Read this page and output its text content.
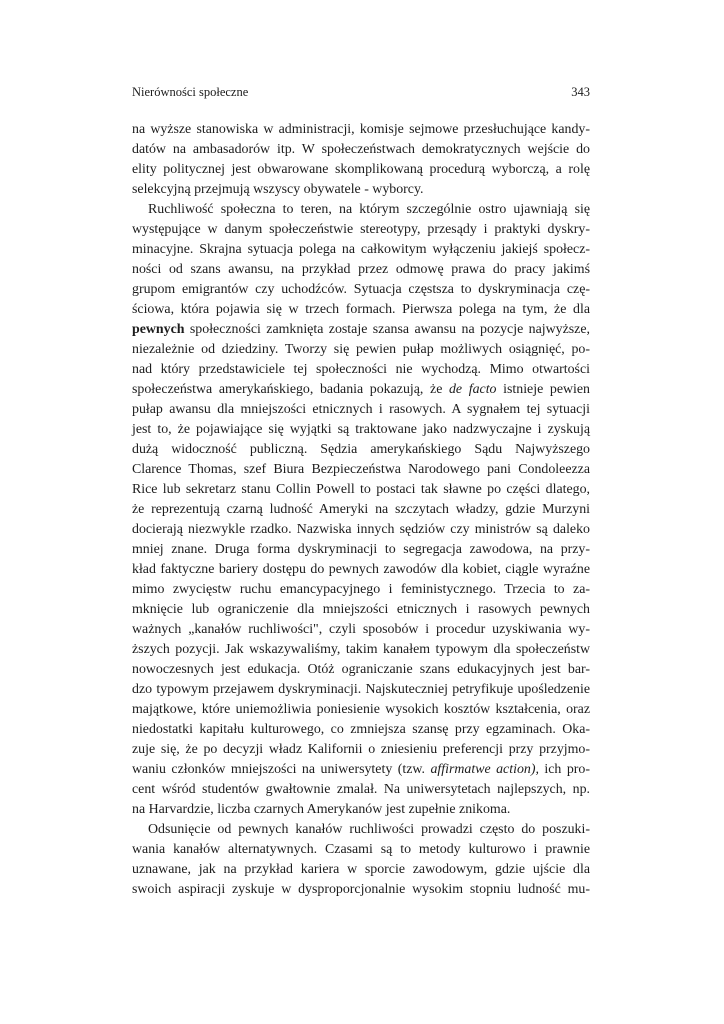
Nierówności społeczne	343
na wyższe stanowiska w administracji, komisje sejmowe przesłuchujące kandy-
datów na ambasadorów itp. W społeczeństwach demokratycznych wejście do
elity politycznej jest obwarowane skomplikowaną procedurą wyborczą, a rolę
selekcyjną przejmują wszyscy obywatele - wyborcy.
Ruchliwość społeczna to teren, na którym szczególnie ostro ujawniają się
występujące w danym społeczeństwie stereotypy, przesądy i praktyki dyskry-
minacyjne. Skrajna sytuacja polega na całkowitym wyłączeniu jakiejś społecz-
ności od szans awansu, na przykład przez odmowę prawa do pracy jakimś
grupom emigrantów czy uchodźców. Sytuacja częstsza to dyskryminacja czę-
ściowa, która pojawia się w trzech formach. Pierwsza polega na tym, że dla
pewnych społeczności zamknięta zostaje szansa awansu na pozycje najwyższe,
niezależnie od dziedziny. Tworzy się pewien pułap możliwych osiągnięć, po-
nad który przedstawiciele tej społeczności nie wychodzą. Mimo otwartości
społeczeństwa amerykańskiego, badania pokazują, że de facto istnieje pewien
pułap awansu dla mniejszości etnicznych i rasowych. A sygnałem tej sytuacji
jest to, że pojawiające się wyjątki są traktowane jako nadzwyczajne i zyskują
dużą widoczność publiczną. Sędzia amerykańskiego Sądu Najwyższego
Clarence Thomas, szef Biura Bezpieczeństwa Narodowego pani Condoleezza
Rice lub sekretarz stanu Collin Powell to postaci tak sławne po części dlatego,
że reprezentują czarną ludność Ameryki na szczytach władzy, gdzie Murzyni
docierają niezwykle rzadko. Nazwiska innych sędziów czy ministrów są daleko
mniej znane. Druga forma dyskryminacji to segregacja zawodowa, na przy-
kład faktyczne bariery dostępu do pewnych zawodów dla kobiet, ciągle wyraźne
mimo zwycięstw ruchu emancypacyjnego i feministycznego. Trzecia to za-
mknięcie lub ograniczenie dla mniejszości etnicznych i rasowych pewnych
ważnych „kanałów ruchliwości", czyli sposobów i procedur uzyskiwania wy-
ższych pozycji. Jak wskazywaliśmy, takim kanałem typowym dla społeczeństw
nowoczesnych jest edukacja. Otóż ograniczanie szans edukacyjnych jest bar-
dzo typowym przejawem dyskryminacji. Najskuteczniej petryfikuje upośledzenie
majątkowe, które uniemożliwia poniesienie wysokich kosztów kształcenia, oraz
niedostatki kapitału kulturowego, co zmniejsza szansę przy egzaminach. Oka-
zuje się, że po decyzji władz Kalifornii o zniesieniu preferencji przy przyjmo-
waniu członków mniejszości na uniwersytety (tzw. affirmatwe action), ich pro-
cent wśród studentów gwałtownie zmalał. Na uniwersytetach najlepszych, np.
na Harvardzie, liczba czarnych Amerykanów jest zupełnie znikoma.
Odsunięcie od pewnych kanałów ruchliwości prowadzi często do poszuki-
wania kanałów alternatywnych. Czasami są to metody kulturowo i prawnie
uznawane, jak na przykład kariera w sporcie zawodowym, gdzie ujście dla
swoich aspiracji zyskuje w dysproporcjonalnie wysokim stopniu ludność mu-
